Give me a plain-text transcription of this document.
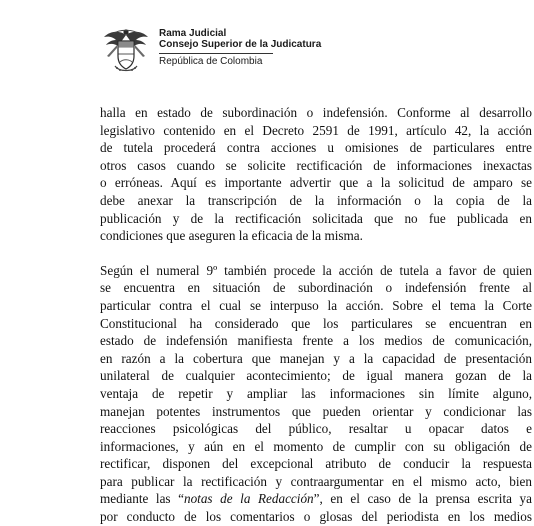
Rama Judicial
Consejo Superior de la Judicatura
República de Colombia

halla en estado de subordinación o indefensión. Conforme al desarrollo
legislativo contenido en el Decreto 2591 de 1991, artículo 42, la acción
de tutela procederá contra acciones u omisiones de particulares entre
otros casos cuando se solicite rectificación de informaciones inexactas
o erróneas. Aquí es importante advertir que a la solicitud de amparo se
debe anexar la transcripción de la información o la copia de la
publicación y de la rectificación solicitada que no fue publicada en
condiciones que aseguren la eficacia de la misma.

Según el numeral 9º también procede la acción de tutela a favor de quien
se encuentra en situación de subordinación o indefensión frente al
particular contra el cual se interpuso la acción. Sobre el tema la Corte
Constitucional ha considerado que los particulares se encuentran en
estado de indefensión manifiesta frente a los medios de comunicación,
en razón a la cobertura que manejan y a la capacidad de presentación
unilateral de cualquier acontecimiento; de igual manera gozan de la
ventaja de repetir y ampliar las informaciones sin límite alguno,
manejan potentes instrumentos que pueden orientar y condicionar las
reacciones psicológicas del público, resaltar u opacar datos e
informaciones, y aún en el momento de cumplir con su obligación de
rectificar, disponen del excepcional atributo de conducir la respuesta
para publicar la rectificación y contraargumentar en el mismo acto, bien
mediante las “notas de la Redacción”, en el caso de la prensa escrita ya
por conducto de los comentarios o glosas del periodista en los medios
